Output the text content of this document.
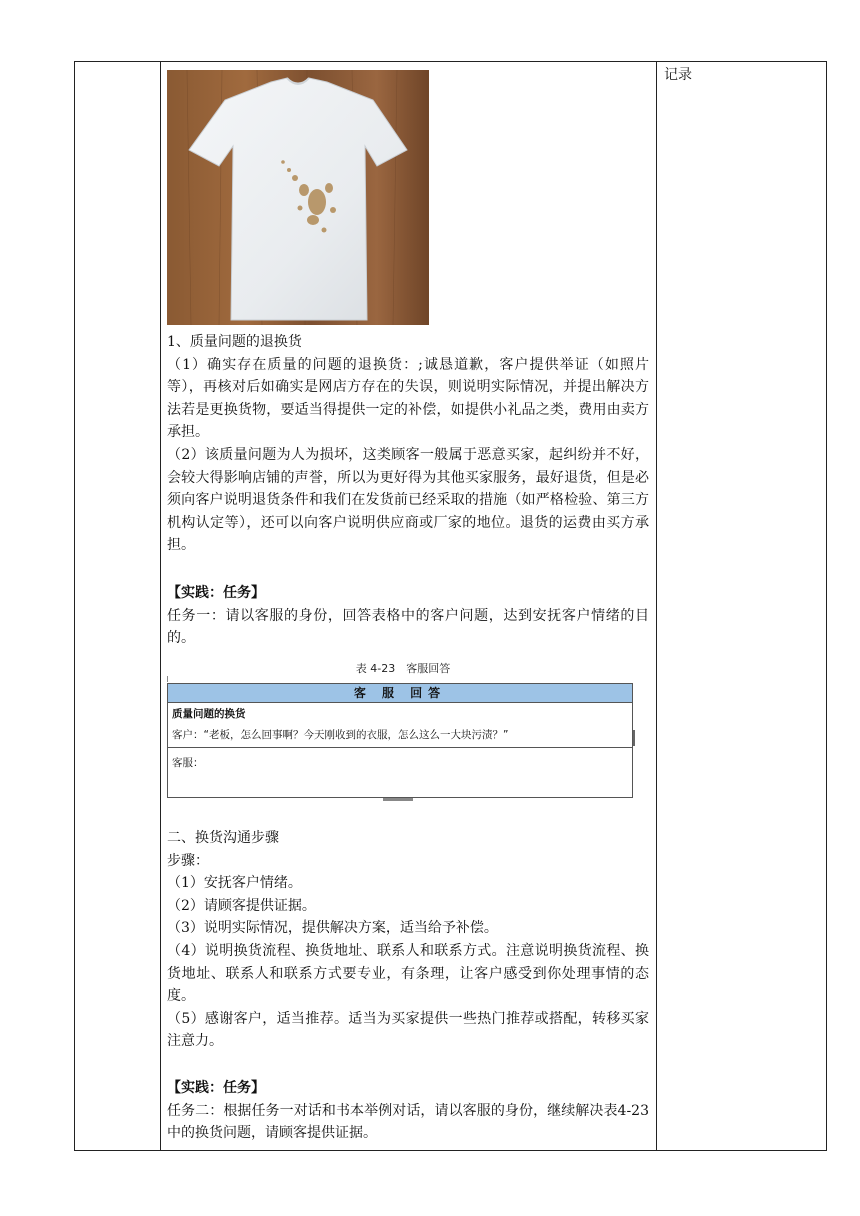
记录

1、质量问题的退换货

（1）确实存在质量的问题的退换货：;诚恳道歉，客户提供举证（如照片等），再核对后如确实是网店方存在的失误，则说明实际情况，并提出解决方法若是更换货物，要适当得提供一定的补偿，如提供小礼品之类，费用由卖方承担。

（2）该质量问题为人为损坏，这类顾客一般属于恶意买家，起纠纷并不好，会较大得影响店铺的声誉，所以为更好得为其他买家服务，最好退货，但是必须向客户说明退货条件和我们在发货前已经采取的措施（如严格检验、第三方机构认定等），还可以向客户说明供应商或厂家的地位。退货的运费由买方承担。

【实践：任务】

任务一：请以客服的身份，回答表格中的客户问题，达到安抚客户情绪的目的。

表 4-23　客服回答
客 服 回答
质量问题的换货
客户：“老板，怎么回事啊？今天刚收到的衣服，怎么这么一大块污渍？”
客服：

二、换货沟通步骤

步骤：

（1）安抚客户情绪。

（2）请顾客提供证据。

（3）说明实际情况，提供解决方案，适当给予补偿。

（4）说明换货流程、换货地址、联系人和联系方式。注意说明换货流程、换货地址、联系人和联系方式要专业，有条理，让客户感受到你处理事情的态度。

（5）感谢客户，适当推荐。适当为买家提供一些热门推荐或搭配，转移买家注意力。

【实践：任务】

任务二：根据任务一对话和书本举例对话，请以客服的身份，继续解决表4-23 中的换货问题，请顾客提供证据。
